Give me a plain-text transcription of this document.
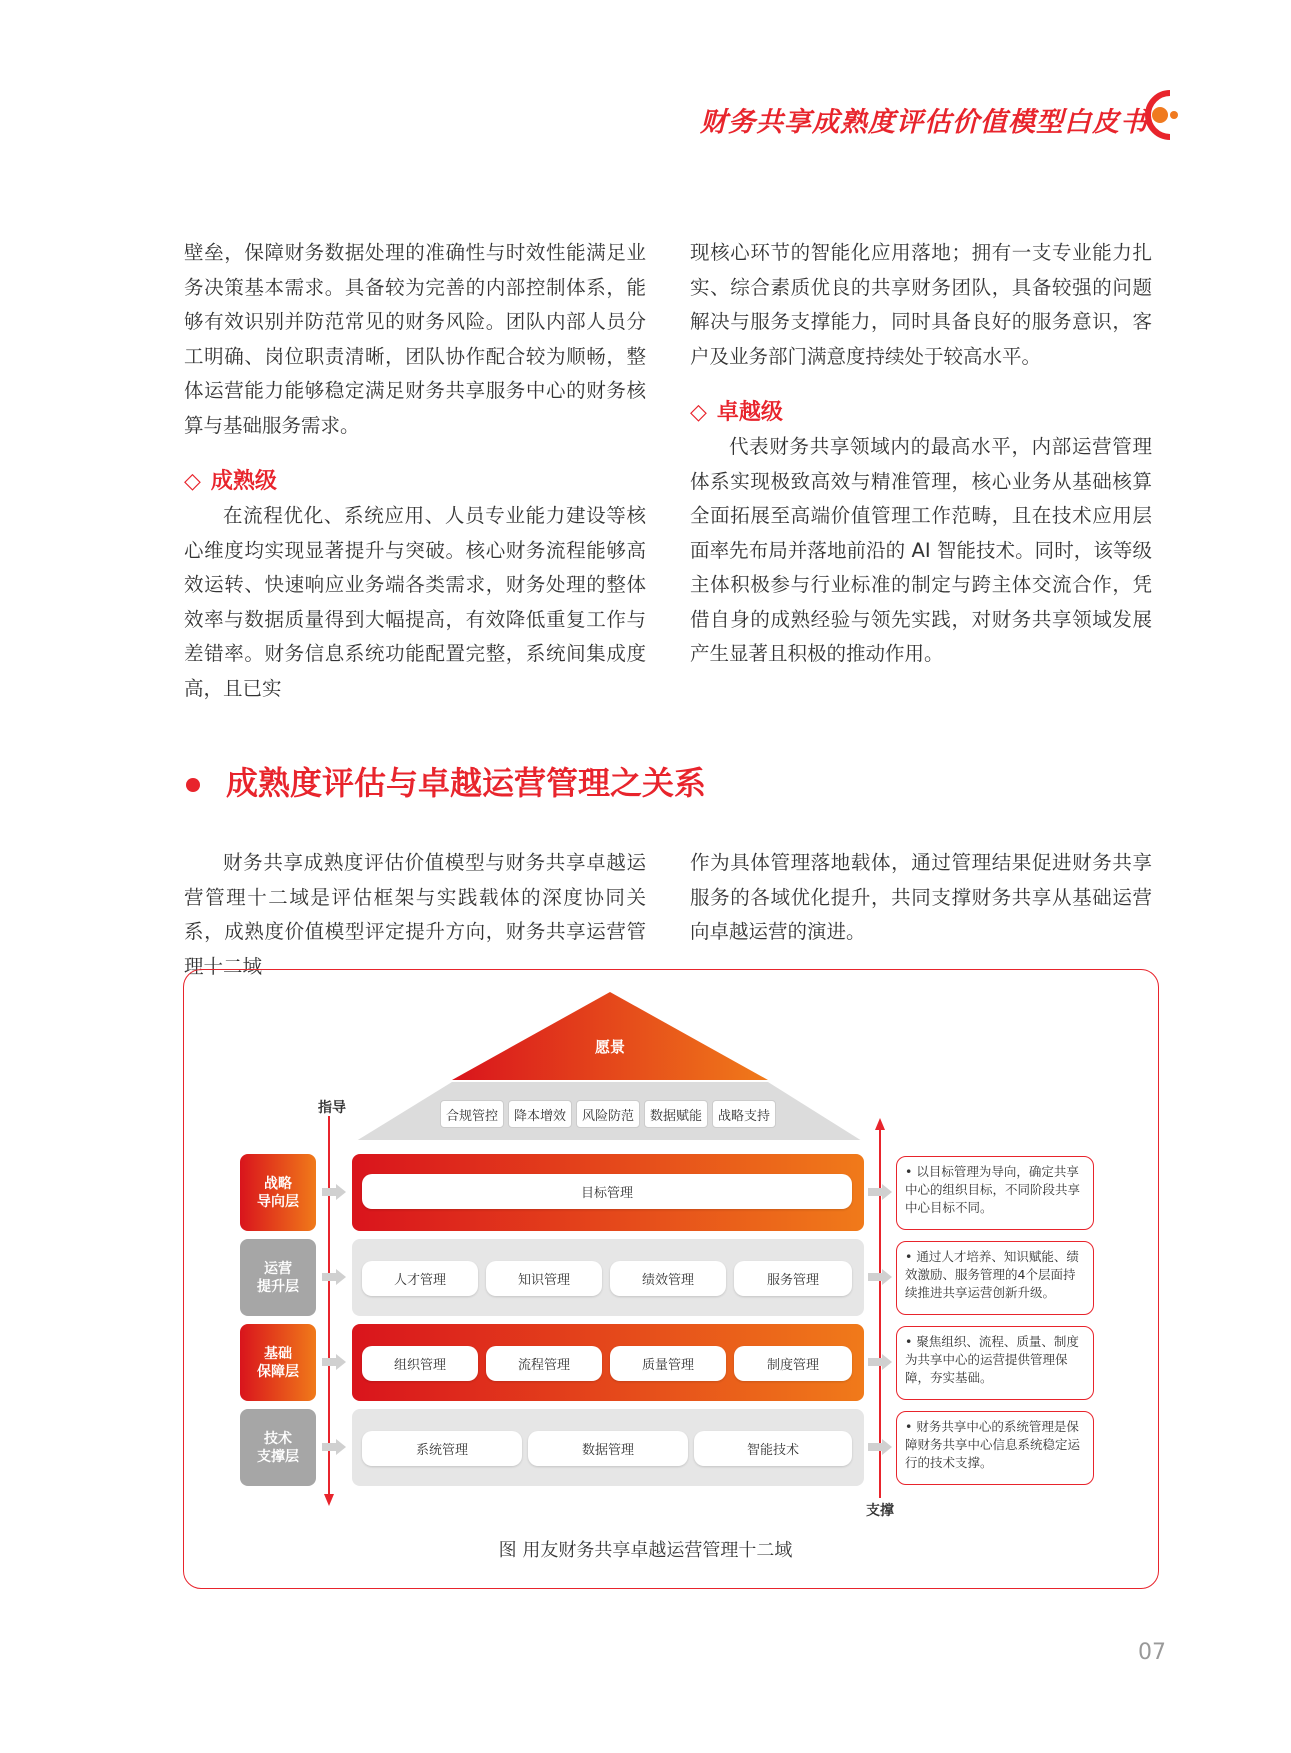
财务共享成熟度评估价值模型白皮书

壁垒，保障财务数据处理的准确性与时效性能满足业务决策基本需求。具备较为完善的内部控制体系，能够有效识别并防范常见的财务风险。团队内部人员分工明确、岗位职责清晰，团队协作配合较为顺畅，整体运营能力能够稳定满足财务共享服务中心的财务核算与基础服务需求。

◇ 成熟级

在流程优化、系统应用、人员专业能力建设等核心维度均实现显著提升与突破。核心财务流程能够高效运转、快速响应业务端各类需求，财务处理的整体效率与数据质量得到大幅提高，有效降低重复工作与差错率。财务信息系统功能配置完整，系统间集成度高，且已实

现核心环节的智能化应用落地；拥有一支专业能力扎实、综合素质优良的共享财务团队，具备较强的问题解决与服务支撑能力，同时具备良好的服务意识，客户及业务部门满意度持续处于较高水平。

◇ 卓越级

代表财务共享领域内的最高水平，内部运营管理体系实现极致高效与精准管理，核心业务从基础核算全面拓展至高端价值管理工作范畴，且在技术应用层面率先布局并落地前沿的 AI 智能技术。同时，该等级主体积极参与行业标准的制定与跨主体交流合作，凭借自身的成熟经验与领先实践，对财务共享领域发展产生显著且积极的推动作用。

成熟度评估与卓越运营管理之关系

财务共享成熟度评估价值模型与财务共享卓越运营管理十二域是评估框架与实践载体的深度协同关系，成熟度价值模型评定提升方向，财务共享运营管理十二域

作为具体管理落地载体，通过管理结果促进财务共享服务的各域优化提升，共同支撑财务共享从基础运营向卓越运营的演进。

愿景
合规管控	降本增效	风险防范	数据赋能	战略支持
指导
支撑
战略
导向层
运营
提升层
基础
保障层
技术
支撑层
目标管理
人才管理	知识管理	绩效管理	服务管理
组织管理	流程管理	质量管理	制度管理
系统管理	数据管理	智能技术
• 以目标管理为导向，确定共享中心的组织目标，不同阶段共享中心目标不同。
• 通过人才培养、知识赋能、绩效激励、服务管理的4个层面持续推进共享运营创新升级。
• 聚焦组织、流程、质量、制度为共享中心的运营提供管理保障，夯实基础。
• 财务共享中心的系统管理是保障财务共享中心信息系统稳定运行的技术支撑。
图 用友财务共享卓越运营管理十二域
07
